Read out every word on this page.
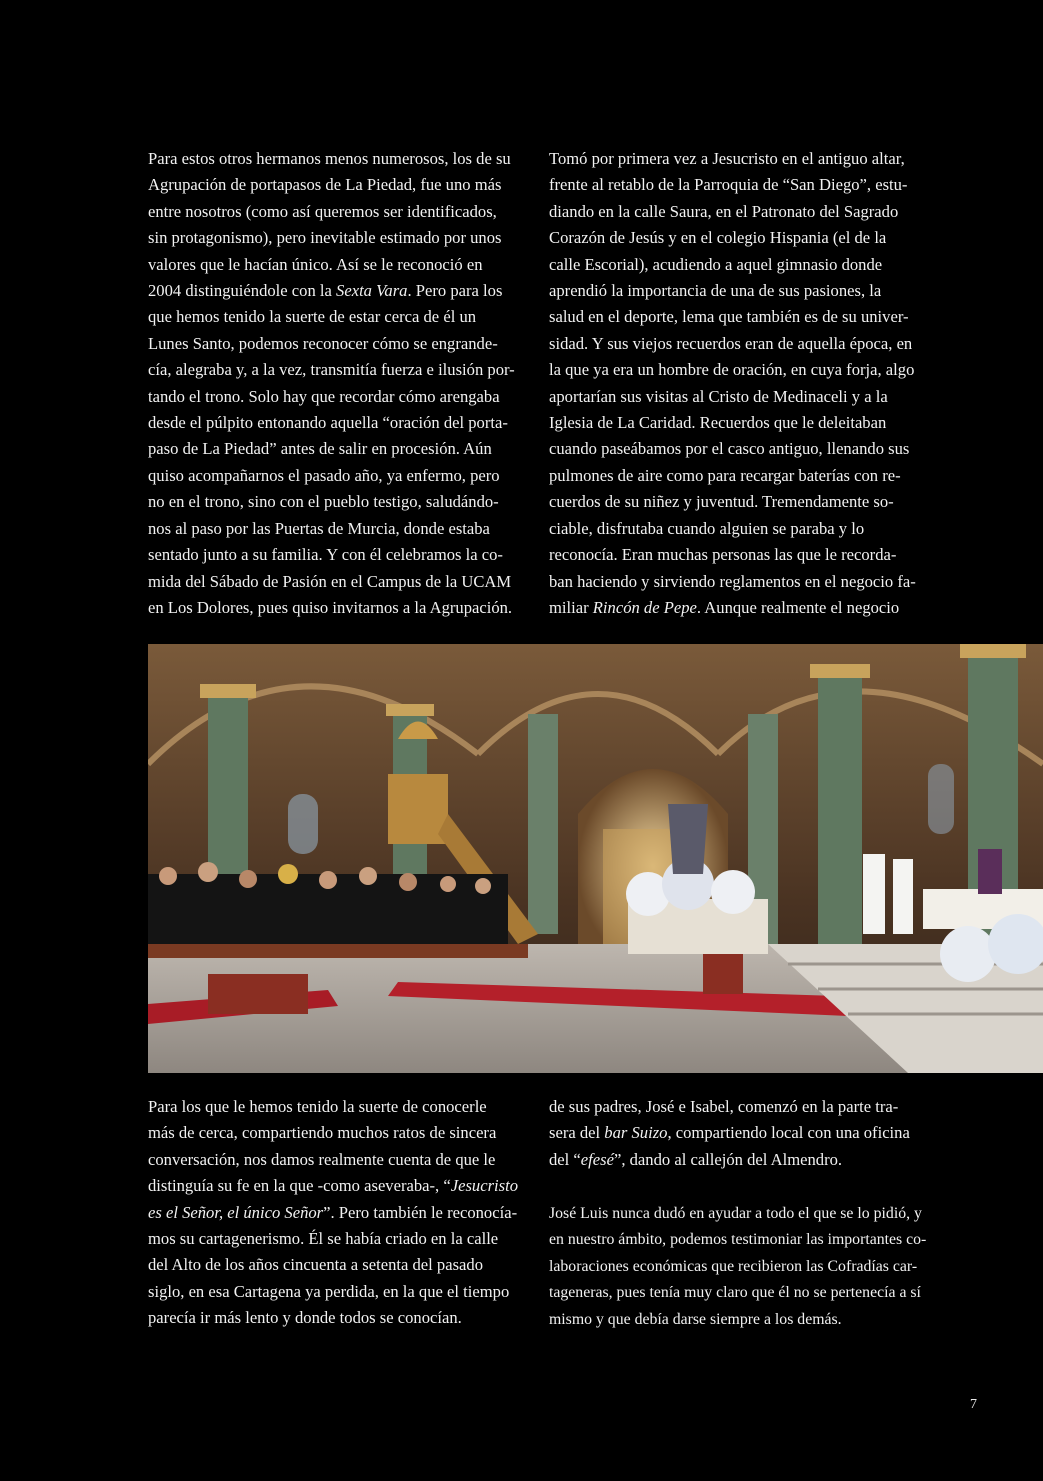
Para estos otros hermanos menos numerosos, los de su

Agrupación de portapasos de La Piedad, fue uno más

entre nosotros (como así queremos ser identificados,

sin protagonismo), pero inevitable estimado por unos

valores que le hacían único. Así se le reconoció en

2004 distinguiéndole con la Sexta Vara. Pero para los

que hemos tenido la suerte de estar cerca de él un

Lunes Santo, podemos reconocer cómo se engrande-

cía, alegraba y, a la vez, transmitía fuerza e ilusión por-

tando el trono. Solo hay que recordar cómo arengaba

desde el púlpito entonando aquella “oración del porta-

paso de La Piedad” antes de salir en procesión. Aún

quiso acompañarnos el pasado año, ya enfermo, pero

no en el trono, sino con el pueblo testigo, saludándo-

nos al paso por las Puertas de Murcia, donde estaba

sentado junto a su familia. Y con él celebramos la co-

mida del Sábado de Pasión en el Campus de la UCAM

en Los Dolores, pues quiso invitarnos a la Agrupación.

Tomó por primera vez a Jesucristo en el antiguo altar,

frente al retablo de la Parroquia de “San Diego”, estu-

diando en la calle Saura, en el Patronato del Sagrado

Corazón de Jesús y en el colegio Hispania (el de la

calle Escorial), acudiendo a aquel gimnasio donde

aprendió la importancia de una de sus pasiones, la

salud en el deporte, lema que también es de su univer-

sidad. Y sus viejos recuerdos eran de aquella época, en

la que ya era un hombre de oración, en cuya forja, algo

aportarían sus visitas al Cristo de Medinaceli y a la

Iglesia de La Caridad. Recuerdos que le deleitaban

cuando paseábamos por el casco antiguo, llenando sus

pulmones de aire como para recargar baterías con re-

cuerdos de su niñez y juventud. Tremendamente so-

ciable, disfrutaba cuando alguien se paraba y lo

reconocía. Eran muchas personas las que le recorda-

ban haciendo y sirviendo reglamentos en el negocio fa-

miliar Rincón de Pepe. Aunque realmente el negocio

Para los que le hemos tenido la suerte de conocerle

más de cerca, compartiendo muchos ratos de sincera

conversación, nos damos realmente cuenta de que le

distinguía su fe en la que -como aseveraba-, “Jesucristo

es el Señor, el único Señor”. Pero también le reconocía-

mos su cartagenerismo. Él se había criado en la calle

del Alto de los años cincuenta a setenta del pasado

siglo, en esa Cartagena ya perdida, en la que el tiempo

parecía ir más lento y donde todos se conocían.

de sus padres, José e Isabel, comenzó en la parte tra-

sera del bar Suizo, compartiendo local con una oficina

del “efesé”, dando al callejón del Almendro.

José Luis nunca dudó en ayudar a todo el que se lo pidió, y

en nuestro ámbito, podemos testimoniar las importantes co-

laboraciones económicas que recibieron las Cofradías car-

tageneras, pues tenía muy claro que él no se pertenecía a sí

mismo y que debía darse siempre a los demás.

7
